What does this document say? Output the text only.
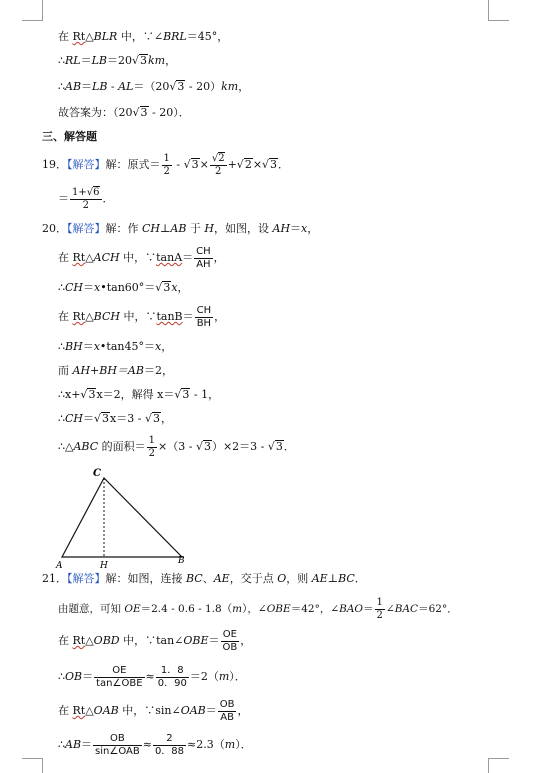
在 Rt△BLR 中，∵∠BRL＝45°，
∴RL＝LB＝20√3km，
∴AB＝LB - AL＝（20√3 - 20）km，
故答案为：（20√3 - 20）．
三、解答题
19．【解答】解：原式＝ $\frac{1}{2} - √3\times \frac{√2}{2} +√2\times√3$．
＝ $\frac{1+√6}{2}$ ．
20．【解答】解：作 CH⊥AB 于 H，如图，设 AH＝x，
在 Rt△ACH 中，∵tanA＝ $\frac{CH}{AH}$ ，
∴CH＝x•tan60°＝√3x，
在 Rt△BCH 中，∵tanB＝ $\frac{CH}{BH}$ ，
∴BH＝x•tan45°＝x，
而 AH+BH＝AB＝2，
∴x+√3x＝2，解得 x＝√3 - 1，
∴CH＝√3x＝3 - √3，
∴△ABC 的面积＝ $\frac{1}{2} \times(3 - √3)\times 2=3 - √3$．
C
A	H	B
21．【解答】解：如图，连接 BC、AE，交于点 O，则 AE⊥BC．
由题意，可知 OE＝2.4 - 0.6 - 1.8（m），∠OBE＝42°，∠BAO＝ $\frac{1}{2}$ ∠BAC＝62°．
在 Rt△OBD 中，∵tan∠OBE＝ $\frac{OE}{OB}$ ，
∴OB＝ $\frac{OE}{\text{tan∠OBE}} \approx \frac{1.8}{0.90} =2(m)$．
在 Rt△OAB 中，∵sin∠OAB＝ $\frac{OB}{AB}$ ，
∴AB＝ $\frac{OB}{\text{sin∠OAB}} \approx \frac{2}{0.88} \approx 2.3(m)$．
